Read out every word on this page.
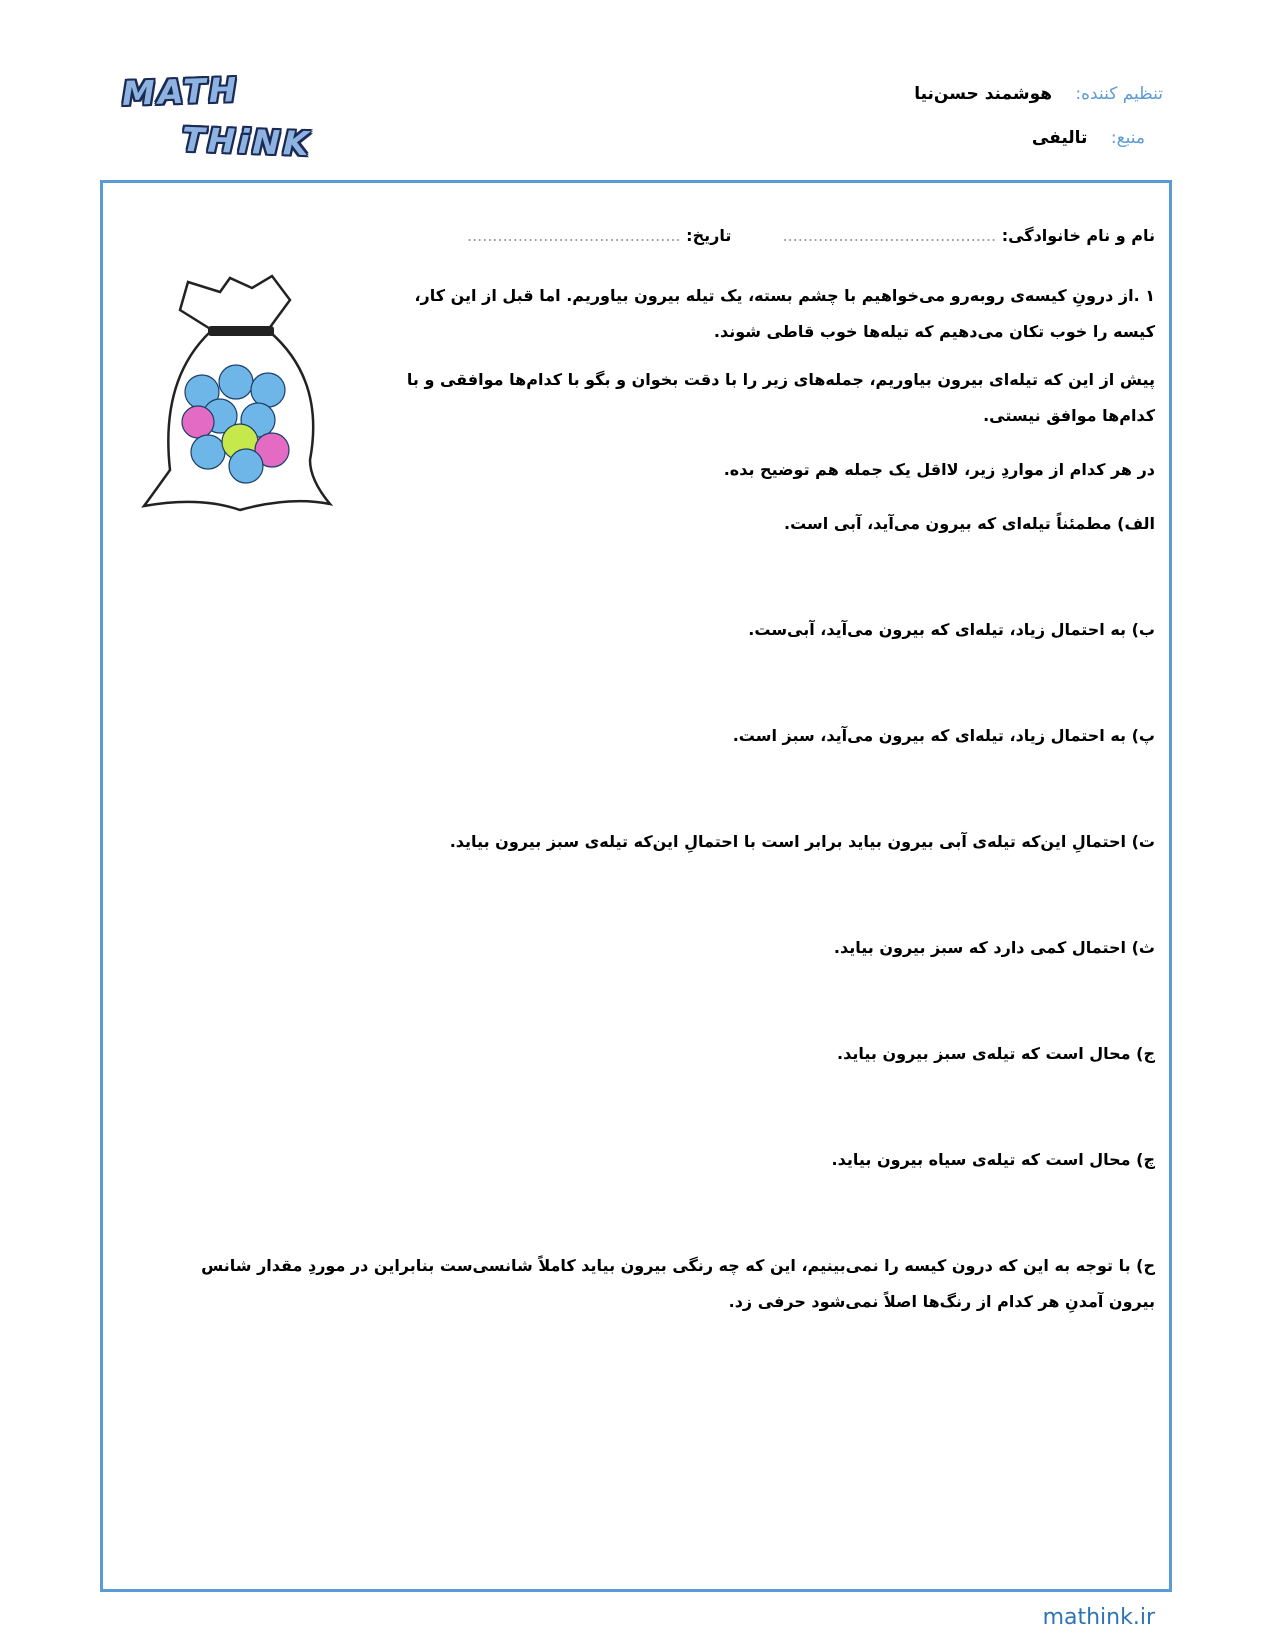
MATH
THiNK
تنظیم کننده: هوشمند حسن‌نیا
منبع: تالیفی
نام و نام خانوادگی: ..........................................  تاریخ: ..........................................
١ .از درونِ کیسه‌ی روبه‌رو می‌خواهیم با چشم بسته، یک تیله بیرون بیاوریم. اما قبل از این کار، کیسه را خوب تکان می‌دهیم که تیله‌ها خوب قاطی شوند.
پیش از این که تیله‌ای بیرون بیاوریم، جمله‌های زیر را با دقت بخوان و بگو با کدام‌ها موافقی و با کدام‌ها موافق نیستی.
در هر کدام از مواردِ زیر، لااقل یک جمله هم توضیح بده.
الف) مطمئناً تیله‌ای که بیرون می‌آید، آبی است.
ب) به احتمال زیاد، تیله‌ای که بیرون می‌آید، آبی‌ست.
پ) به احتمال زیاد، تیله‌ای که بیرون می‌آید، سبز است.
ت) احتمالِ این‌که تیله‌ی آبی بیرون بیاید برابر است با احتمالِ این‌که تیله‌ی سبز بیرون بیاید.
ث) احتمال کمی دارد که سبز بیرون بیاید.
ج) محال است که تیله‌ی سبز بیرون بیاید.
چ) محال است که تیله‌ی سیاه بیرون بیاید.
ح) با توجه به این که درون کیسه را نمی‌بینیم، این که چه رنگی بیرون بیاید کاملاً شانسی‌ست بنابراین در موردِ مقدار شانس بیرون آمدنِ هر کدام از رنگ‌ها اصلاً نمی‌شود حرفی زد.
mathink.ir
